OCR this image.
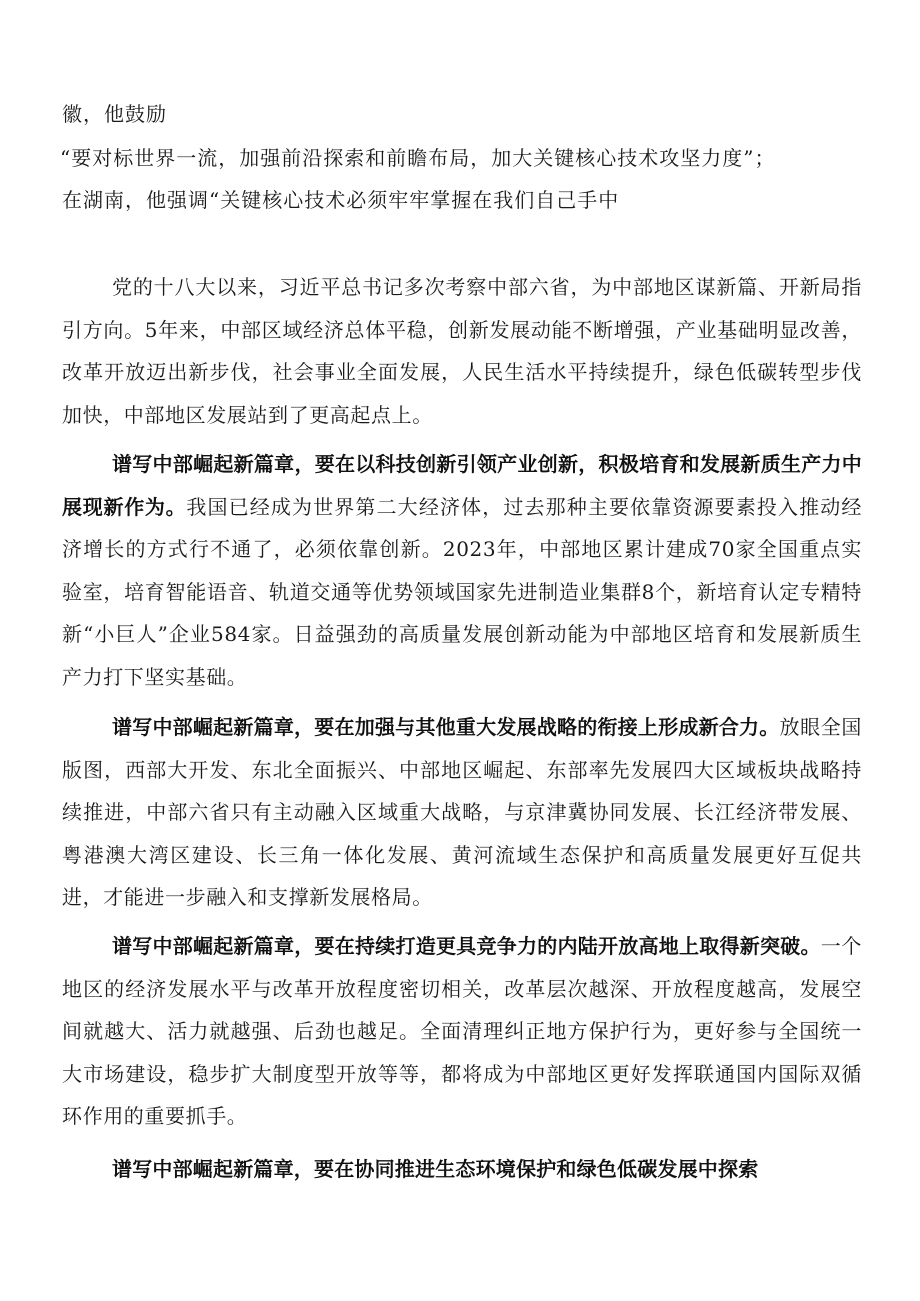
徽，他鼓励
“要对标世界一流，加强前沿探索和前瞻布局，加大关键核心技术攻坚力度”；
在湖南，他强调“关键核心技术必须牢牢掌握在我们自己手中

党的十八大以来，习近平总书记多次考察中部六省，为中部地区谋新篇、开新局指引方向。5年来，中部区域经济总体平稳，创新发展动能不断增强，产业基础明显改善，改革开放迈出新步伐，社会事业全面发展，人民生活水平持续提升，绿色低碳转型步伐加快，中部地区发展站到了更高起点上。

谱写中部崛起新篇章，要在以科技创新引领产业创新，积极培育和发展新质生产力中展现新作为。我国已经成为世界第二大经济体，过去那种主要依靠资源要素投入推动经济增长的方式行不通了，必须依靠创新。2023年，中部地区累计建成70家全国重点实验室，培育智能语音、轨道交通等优势领域国家先进制造业集群8个，新培育认定专精特新“小巨人”企业584家。日益强劲的高质量发展创新动能为中部地区培育和发展新质生产力打下坚实基础。

谱写中部崛起新篇章，要在加强与其他重大发展战略的衔接上形成新合力。放眼全国版图，西部大开发、东北全面振兴、中部地区崛起、东部率先发展四大区域板块战略持续推进，中部六省只有主动融入区域重大战略，与京津冀协同发展、长江经济带发展、粤港澳大湾区建设、长三角一体化发展、黄河流域生态保护和高质量发展更好互促共进，才能进一步融入和支撑新发展格局。

谱写中部崛起新篇章，要在持续打造更具竞争力的内陆开放高地上取得新突破。一个地区的经济发展水平与改革开放程度密切相关，改革层次越深、开放程度越高，发展空间就越大、活力就越强、后劲也越足。全面清理纠正地方保护行为，更好参与全国统一大市场建设，稳步扩大制度型开放等等，都将成为中部地区更好发挥联通国内国际双循环作用的重要抓手。

谱写中部崛起新篇章，要在协同推进生态环境保护和绿色低碳发展中探索
